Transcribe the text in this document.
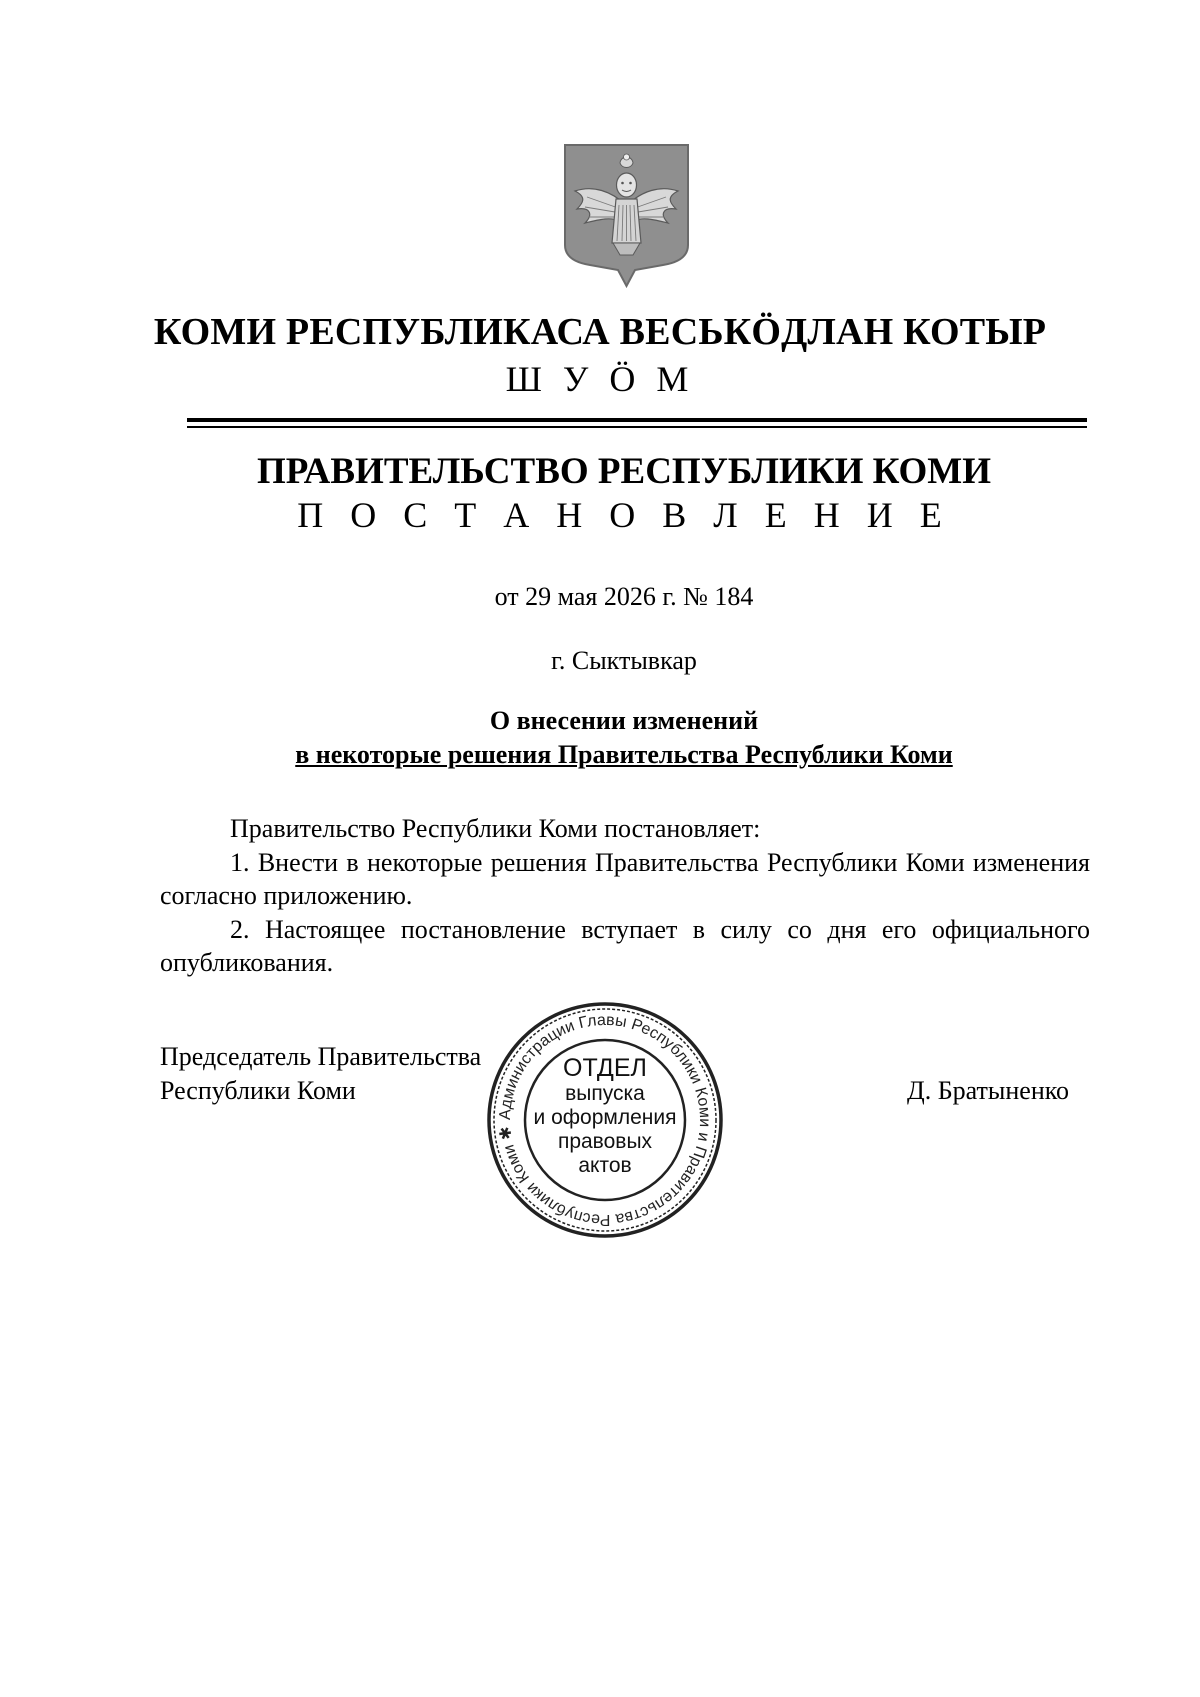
КОМИ РЕСПУБЛИКАСА ВЕСЬКÖДЛАН КОТЫР
Ш У Ö М
ПРАВИТЕЛЬСТВО РЕСПУБЛИКИ КОМИ
П О С Т А Н О В Л Е Н И Е
от 29 мая 2026 г. № 184
г. Сыктывкар
О внесении изменений
в некоторые решения Правительства Республики Коми

Правительство Республики Коми постановляет:

1. Внести в некоторые решения Правительства Республики Коми изменения согласно приложению.

2. Настоящее постановление вступает в силу со дня его официального опубликования.

Председатель Правительства
Республики Коми
Администрации Главы Республики Коми и Правительства Республики Коми ✱
ОТДЕЛ
выпуска
и оформления
правовых
актов
Д. Братыненко
